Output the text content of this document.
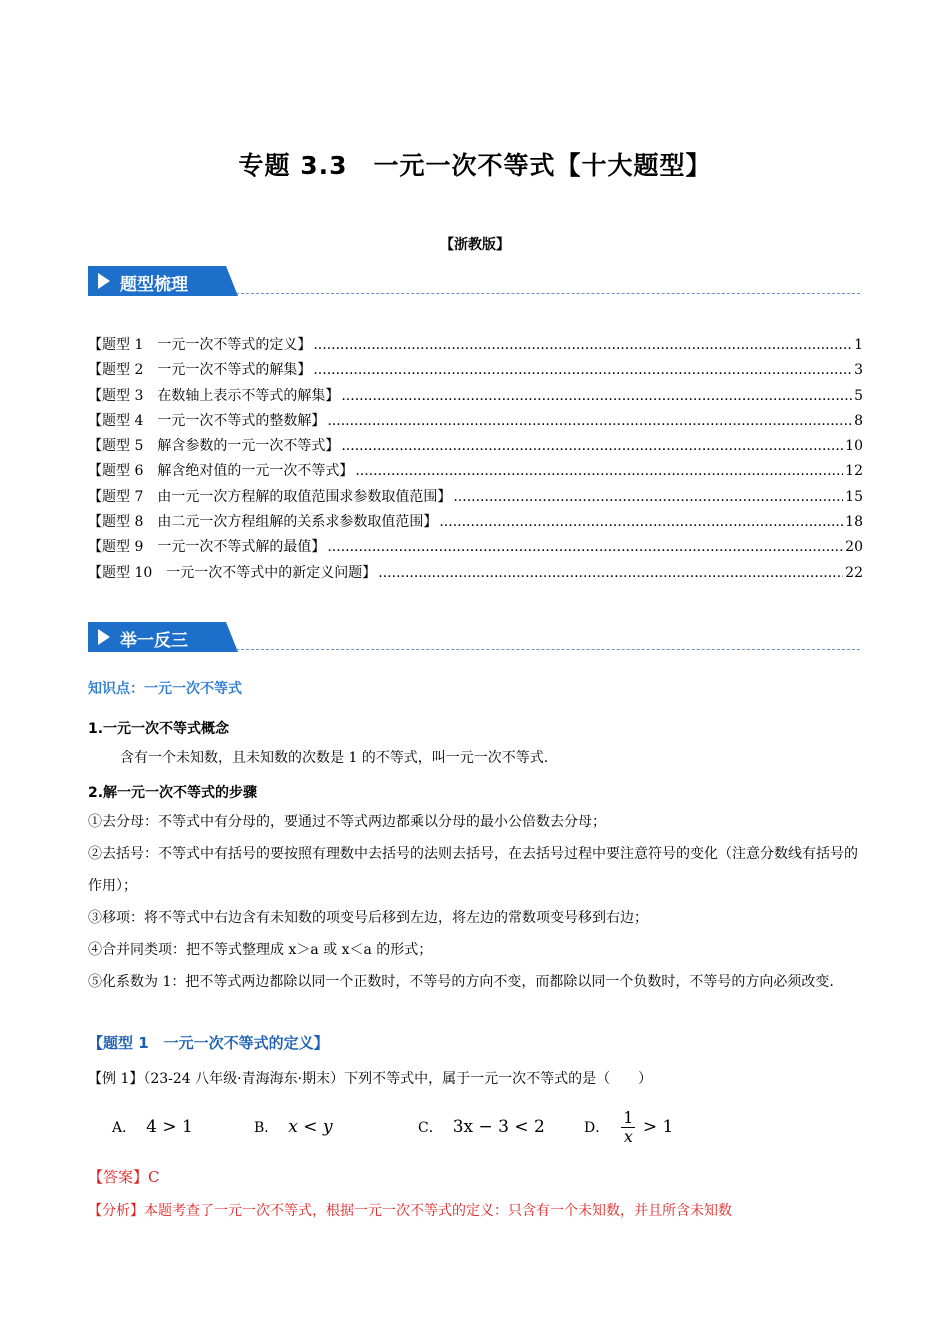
专题 3.3　一元一次不等式【十大题型】
【浙教版】
题型梳理
【题型 1　一元一次不等式的定义】 .....	1
【题型 2　一元一次不等式的解集】 .....	3
【题型 3　在数轴上表示不等式的解集】 .....	5
【题型 4　一元一次不等式的整数解】 .....	8
【题型 5　解含参数的一元一次不等式】 .....	10
【题型 6　解含绝对值的一元一次不等式】 .....	12
【题型 7　由一元一次方程解的取值范围求参数取值范围】 .....	15
【题型 8　由二元一次方程组解的关系求参数取值范围】 .....	18
【题型 9　一元一次不等式解的最值】 .....	20
【题型 10　一元一次不等式中的新定义问题】 .....	22
举一反三
知识点：一元一次不等式
1.一元一次不等式概念
含有一个未知数，且未知数的次数是 1 的不等式，叫一元一次不等式.
2.解一元一次不等式的步骤
①去分母：不等式中有分母的，要通过不等式两边都乘以分母的最小公倍数去分母；
②去括号：不等式中有括号的要按照有理数中去括号的法则去括号，在去括号过程中要注意符号的变化（注意分数线有括号的作用）；
③移项：将不等式中右边含有未知数的项变号后移到左边，将左边的常数项变号移到右边；
④合并同类项：把不等式整理成 x＞a 或 x＜a 的形式；
⑤化系数为 1：把不等式两边都除以同一个正数时，不等号的方向不变，而都除以同一个负数时，不等号的方向必须改变.
【题型 1　一元一次不等式的定义】
【例 1】（23-24 八年级·青海海东·期末）下列不等式中，属于一元一次不等式的是（　　）
A． 4 > 1	B． x < y	C． 3x − 3 < 2	D． $\frac{1}{x} > 1$
【答案】C
【分析】本题考查了一元一次不等式，根据一元一次不等式的定义：只含有一个未知数，并且所含未知数
